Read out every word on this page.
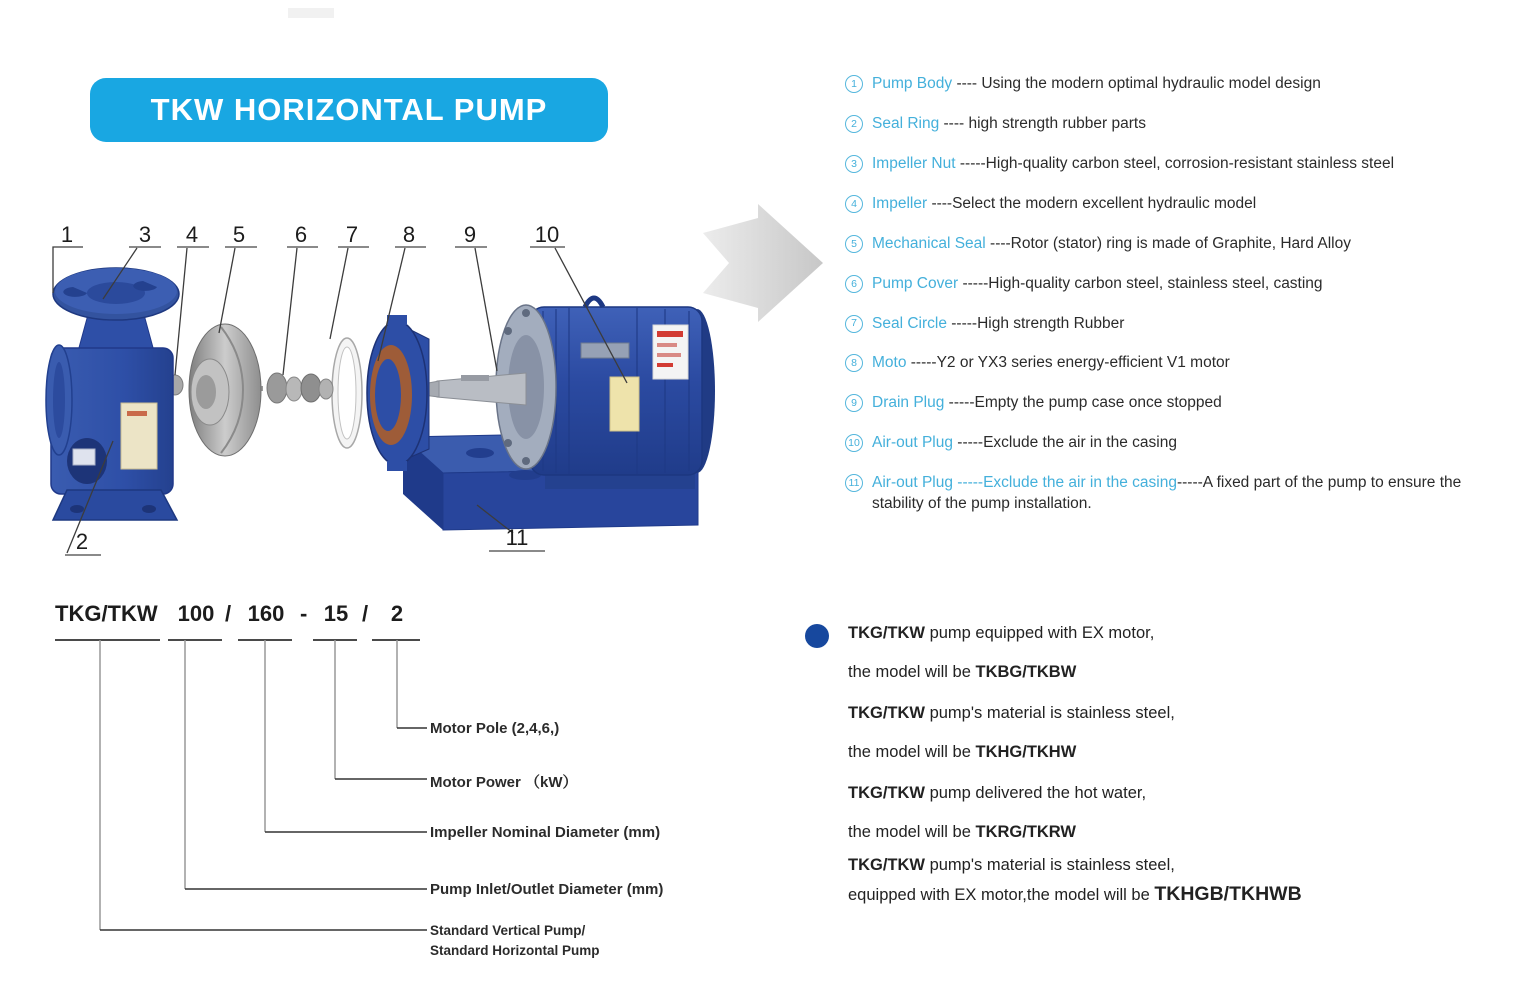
TKW HORIZONTAL PUMP
1	3 4 5 6 7 8 9	10
2	11
1 Pump Body ---- Using the modern optimal hydraulic model design
2 Seal Ring ---- high strength rubber parts
3 Impeller Nut -----High-quality carbon steel, corrosion-resistant stainless steel
4 Impeller ----Select the modern excellent hydraulic model
5 Mechanical Seal ----Rotor (stator) ring is made of Graphite, Hard Alloy
6 Pump Cover -----High-quality carbon steel, stainless steel, casting
7 Seal Circle -----High strength Rubber
8 Moto -----Y2 or YX3 series energy-efficient V1 motor
9 Drain Plug -----Empty the pump case once stopped
10 Air-out Plug -----Exclude the air in the casing
11 Air-out Plug -----Exclude the air in the casing-----A fixed part of the pump to ensure the stability of the pump installation.
TKG/TKW 100 / 160 - 15 /	2
Motor Pole (2,4,6,)
Motor Power （kW）
Impeller Nominal Diameter (mm)
Pump Inlet/Outlet Diameter (mm)
Standard Vertical Pump/
Standard Horizontal Pump
TKG/TKW pump equipped with EX motor,
the model will be TKBG/TKBW
TKG/TKW pump's material is stainless steel,
the model will be TKHG/TKHW
TKG/TKW pump delivered the hot water,
the model will be TKRG/TKRW
TKG/TKW pump's material is stainless steel,
equipped with EX motor,the model will be TKHGB/TKHWB
